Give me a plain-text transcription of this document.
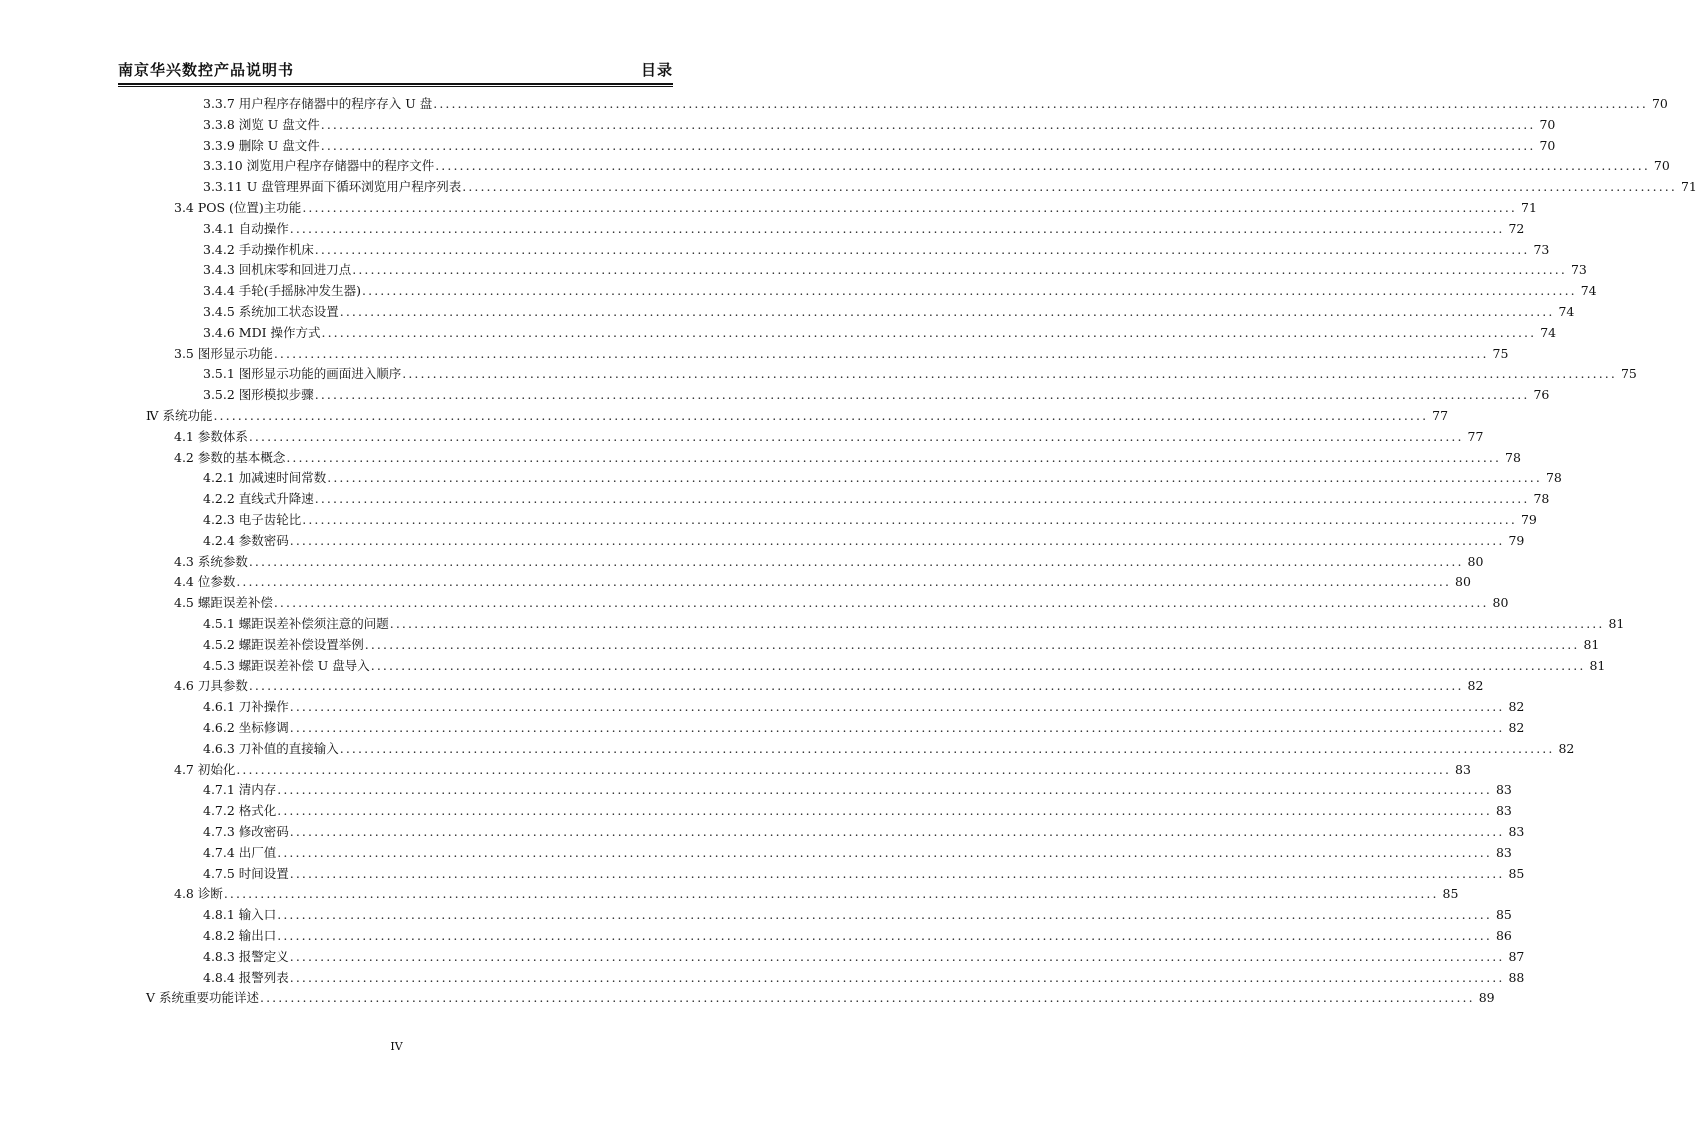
南京华兴数控产品说明书	目录
3.3.7 用户程序存储器中的程序存入 U 盘 ........................................................................................................................................................................................................ 70
3.3.8 浏览 U 盘文件 ........................................................................................................................................................................................................ 70
3.3.9 删除 U 盘文件 ........................................................................................................................................................................................................ 70
3.3.10 浏览用户程序存储器中的程序文件 ........................................................................................................................................................................................................ 70
3.3.11 U 盘管理界面下循环浏览用户程序列表 ........................................................................................................................................................................................................ 71
3.4 POS (位置)主功能 ........................................................................................................................................................................................................ 71
3.4.1 自动操作 ........................................................................................................................................................................................................ 72
3.4.2 手动操作机床 ........................................................................................................................................................................................................ 73
3.4.3 回机床零和回进刀点 ........................................................................................................................................................................................................ 73
3.4.4 手轮(手摇脉冲发生器) ........................................................................................................................................................................................................ 74
3.4.5 系统加工状态设置 ........................................................................................................................................................................................................ 74
3.4.6 MDI 操作方式 ........................................................................................................................................................................................................ 74
3.5 图形显示功能 ........................................................................................................................................................................................................ 75
3.5.1 图形显示功能的画面进入顺序 ........................................................................................................................................................................................................ 75
3.5.2 图形模拟步骤 ........................................................................................................................................................................................................ 76
Ⅳ 系统功能 ........................................................................................................................................................................................................ 77
4.1 参数体系 ........................................................................................................................................................................................................ 77
4.2 参数的基本概念 ........................................................................................................................................................................................................ 78
4.2.1 加减速时间常数 ........................................................................................................................................................................................................ 78
4.2.2 直线式升降速 ........................................................................................................................................................................................................ 78
4.2.3 电子齿轮比 ........................................................................................................................................................................................................ 79
4.2.4 参数密码 ........................................................................................................................................................................................................ 79
4.3 系统参数 ........................................................................................................................................................................................................ 80
4.4 位参数 ........................................................................................................................................................................................................ 80
4.5 螺距误差补偿 ........................................................................................................................................................................................................ 80
4.5.1 螺距误差补偿须注意的问题 ........................................................................................................................................................................................................ 81
4.5.2 螺距误差补偿设置举例 ........................................................................................................................................................................................................ 81
4.5.3 螺距误差补偿 U 盘导入 ........................................................................................................................................................................................................ 81
4.6 刀具参数 ........................................................................................................................................................................................................ 82
4.6.1 刀补操作 ........................................................................................................................................................................................................ 82
4.6.2 坐标修调 ........................................................................................................................................................................................................ 82
4.6.3 刀补值的直接输入 ........................................................................................................................................................................................................ 82
4.7 初始化 ........................................................................................................................................................................................................ 83
4.7.1 清内存 ........................................................................................................................................................................................................ 83
4.7.2 格式化 ........................................................................................................................................................................................................ 83
4.7.3 修改密码 ........................................................................................................................................................................................................ 83
4.7.4 出厂值 ........................................................................................................................................................................................................ 83
4.7.5 时间设置 ........................................................................................................................................................................................................ 85
4.8 诊断 ........................................................................................................................................................................................................ 85
4.8.1 输入口 ........................................................................................................................................................................................................ 85
4.8.2 输出口 ........................................................................................................................................................................................................ 86
4.8.3 报警定义 ........................................................................................................................................................................................................ 87
4.8.4 报警列表 ........................................................................................................................................................................................................ 88
Ⅴ 系统重要功能详述 ........................................................................................................................................................................................................ 89
IV
